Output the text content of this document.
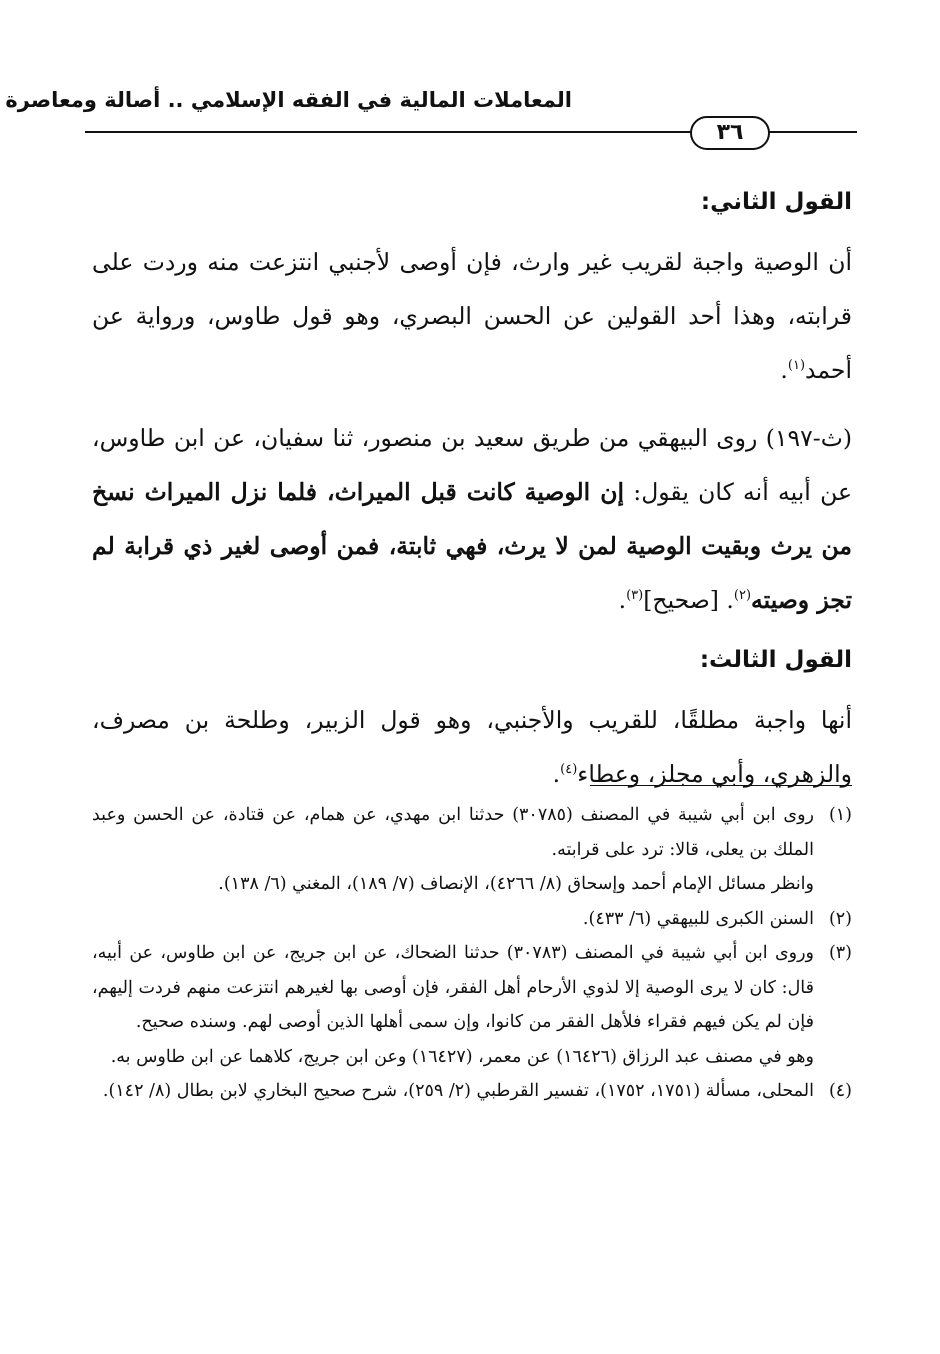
المعاملات المالية في الفقه الإسلامي .. أصالة ومعاصرة
٣٦

القول الثاني:

أن الوصية واجبة لقريب غير وارث، فإن أوصى لأجنبي انتزعت منه وردت على قرابته، وهذا أحد القولين عن الحسن البصري، وهو قول طاوس، ورواية عن أحمد$^{(١)}$.

(ث-١٩٧) روى البيهقي من طريق سعيد بن منصور، ثنا سفيان، عن ابن طاوس، عن أبيه أنه كان يقول: إن الوصية كانت قبل الميراث، فلما نزل الميراث نسخ من يرث وبقيت الوصية لمن لا يرث، فهي ثابتة، فمن أوصى لغير ذي قرابة لم تجز وصيته$^{(٢)}$. [صحيح]$^{(٣)}$.

القول الثالث:

أنها واجبة مطلقًا، للقريب والأجنبي، وهو قول الزبير، وطلحة بن مصرف، والزهري، وأبي مجلز، وعطاء$^{(٤)}$.

(١)
روى ابن أبي شيبة في المصنف (٣٠٧٨٥) حدثنا ابن مهدي، عن همام، عن قتادة، عن الحسن وعبد الملك بن يعلى، قالا: ترد على قرابته.

وانظر مسائل الإمام أحمد وإسحاق (٨/ ٤٢٦٦)، الإنصاف (٧/ ١٨٩)، المغني (٦/ ١٣٨).

(٢)
السنن الكبرى للبيهقي (٦/ ٤٣٣).
(٣)
وروى ابن أبي شيبة في المصنف (٣٠٧٨٣) حدثنا الضحاك، عن ابن جريج، عن ابن طاوس، عن أبيه، قال: كان لا يرى الوصية إلا لذوي الأرحام أهل الفقر، فإن أوصى بها لغيرهم انتزعت منهم فردت إليهم، فإن لم يكن فيهم فقراء فلأهل الفقر من كانوا، وإن سمى أهلها الذين أوصى لهم. وسنده صحيح.

وهو في مصنف عبد الرزاق (١٦٤٢٦) عن معمر، (١٦٤٢٧) وعن ابن جريج، كلاهما عن ابن طاوس به.

(٤)
المحلى، مسألة (١٧٥١، ١٧٥٢)، تفسير القرطبي (٢/ ٢٥٩)، شرح صحيح البخاري لابن بطال (٨/ ١٤٢).
